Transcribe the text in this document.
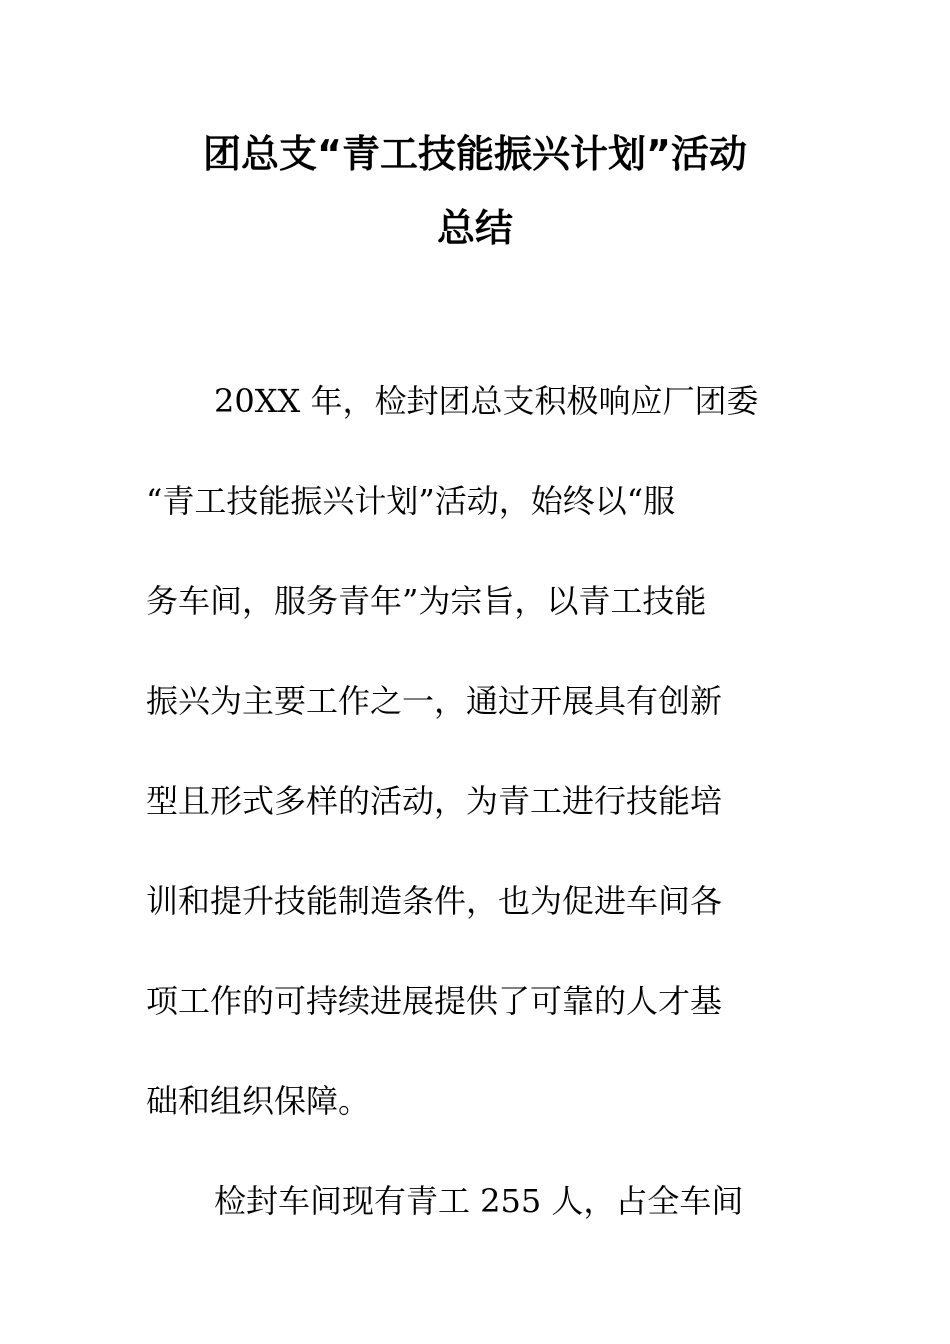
团总支“青工技能振兴计划”活动
总结

20XX 年，检封团总支积极响应厂团委

“青工技能振兴计划”活动，始终以“服

务车间，服务青年”为宗旨，以青工技能

振兴为主要工作之一，通过开展具有创新

型且形式多样的活动，为青工进行技能培

训和提升技能制造条件，也为促进车间各

项工作的可持续进展提供了可靠的人才基

础和组织保障。

检封车间现有青工 255 人，占全车间
